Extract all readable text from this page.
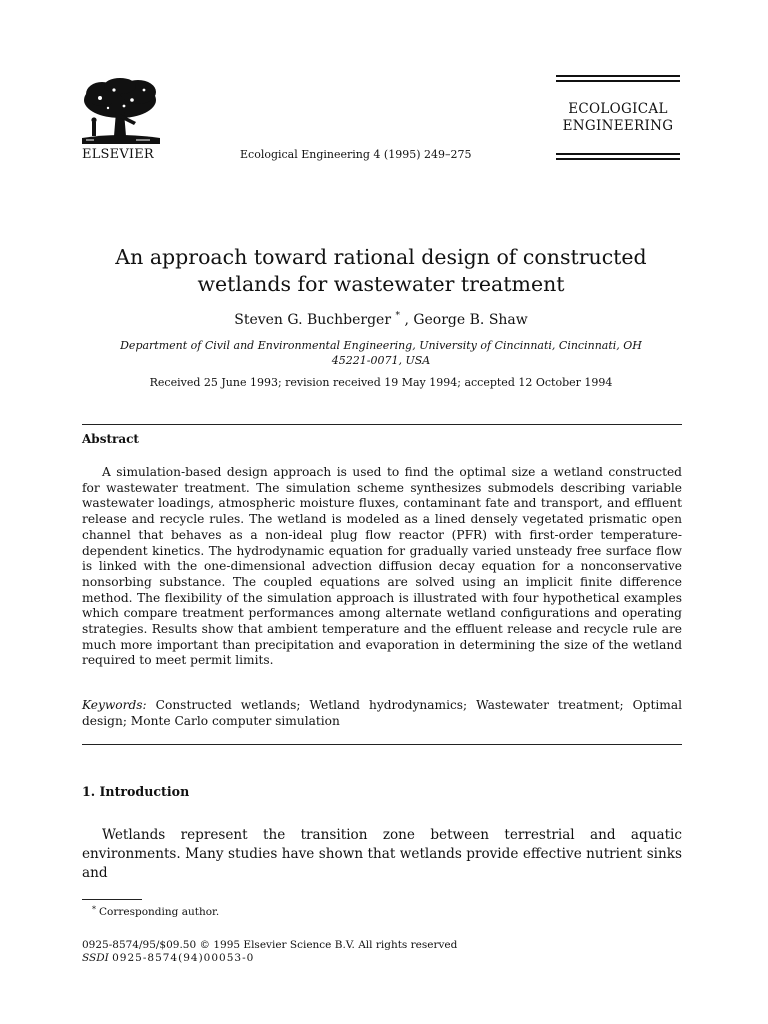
ELSEVIER	Ecological Engineering 4 (1995) 249–275
ECOLOGICAL
ENGINEERING
An approach toward rational design of constructed wetlands for wastewater treatment
Steven G. Buchberger * , George B. Shaw
Department of Civil and Environmental Engineering, University of Cincinnati, Cincinnati, OH 45221-0071, USA
Received 25 June 1993; revision received 19 May 1994; accepted 12 October 1994
Abstract
A simulation-based design approach is used to find the optimal size a wetland constructed for wastewater treatment. The simulation scheme synthesizes submodels describing variable wastewater loadings, atmospheric moisture fluxes, contaminant fate and transport, and effluent release and recycle rules. The wetland is modeled as a lined densely vegetated prismatic open channel that behaves as a non-ideal plug flow reactor (PFR) with first-order temperature-dependent kinetics. The hydrodynamic equation for gradually varied unsteady free surface flow is linked with the one-dimensional advection diffusion decay equation for a nonconservative nonsorbing substance. The coupled equations are solved using an implicit finite difference method. The flexibility of the simulation approach is illustrated with four hypothetical examples which compare treatment performances among alternate wetland configurations and operating strategies. Results show that ambient temperature and the effluent release and recycle rule are much more important than precipitation and evaporation in determining the size of the wetland required to meet permit limits.
Keywords: Constructed wetlands; Wetland hydrodynamics; Wastewater treatment; Optimal design; Monte Carlo computer simulation
1. Introduction
Wetlands represent the transition zone between terrestrial and aquatic environments. Many studies have shown that wetlands provide effective nutrient sinks and
* Corresponding author.
0925-8574/95/$09.50 © 1995 Elsevier Science B.V. All rights reserved
SSDI 0925-8574(94)00053-0
